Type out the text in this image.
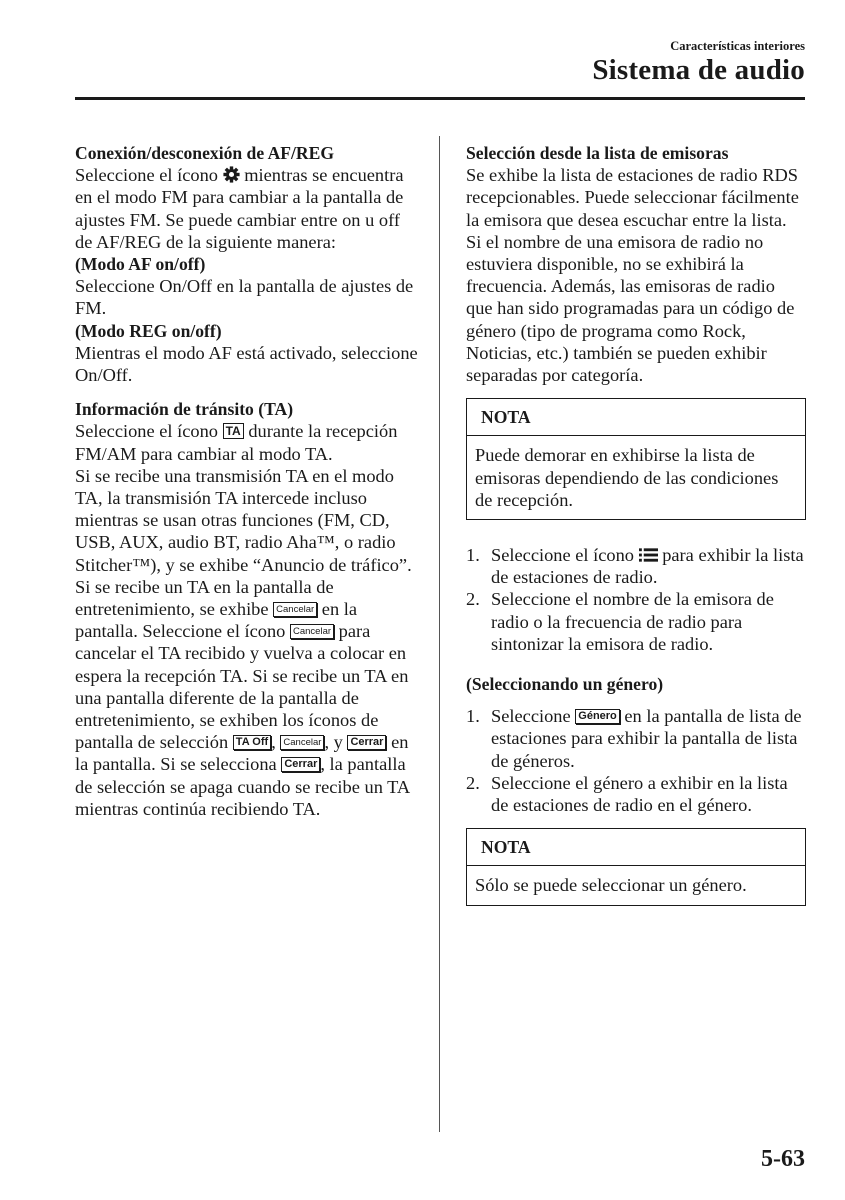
Características interiores
Sistema de audio

Conexión/desconexión de AF/REG

Seleccione el ícono mientras se encuentra en el modo FM para cambiar a la pantalla de ajustes FM. Se puede cambiar entre on u off de AF/REG de la siguiente manera:

(Modo AF on/off)

Seleccione On/Off en la pantalla de ajustes de FM.

(Modo REG on/off)

Mientras el modo AF está activado, seleccione On/Off.

Información de tránsito (TA)

Seleccione el ícono TA durante la recepción FM/AM para cambiar al modo TA.

Si se recibe una transmisión TA en el modo TA, la transmisión TA intercede incluso mientras se usan otras funciones (FM, CD, USB, AUX, audio BT, radio Aha™, o radio Stitcher™), y se exhibe “Anuncio de tráfico”.

Si se recibe un TA en la pantalla de entretenimiento, se exhibe Cancelar en la pantalla. Seleccione el ícono Cancelar para cancelar el TA recibido y vuelva a colocar en espera la recepción TA. Si se recibe un TA en una pantalla diferente de la pantalla de entretenimiento, se exhiben los íconos de pantalla de selección TA Off , Cancelar , y Cerrar en la pantalla. Si se selecciona Cerrar , la pantalla de selección se apaga cuando se recibe un TA mientras continúa recibiendo TA.

Selección desde la lista de emisoras

Se exhibe la lista de estaciones de radio RDS recepcionables. Puede seleccionar fácilmente la emisora que desea escuchar entre la lista. Si el nombre de una emisora de radio no estuviera disponible, no se exhibirá la frecuencia. Además, las emisoras de radio que han sido programadas para un código de género (tipo de programa como Rock, Noticias, etc.) también se pueden exhibir separadas por categoría.

NOTA
Puede demorar en exhibirse la lista de emisoras dependiendo de las condiciones de recepción.
1. Seleccione el ícono para exhibir la lista de estaciones de radio.
2. Seleccione el nombre de la emisora de radio o la frecuencia de radio para sintonizar la emisora de radio.

(Seleccionando un género)

1. Seleccione Género en la pantalla de lista de estaciones para exhibir la pantalla de lista de géneros.
2. Seleccione el género a exhibir en la lista de estaciones de radio en el género.
NOTA
Sólo se puede seleccionar un género.
5-63
